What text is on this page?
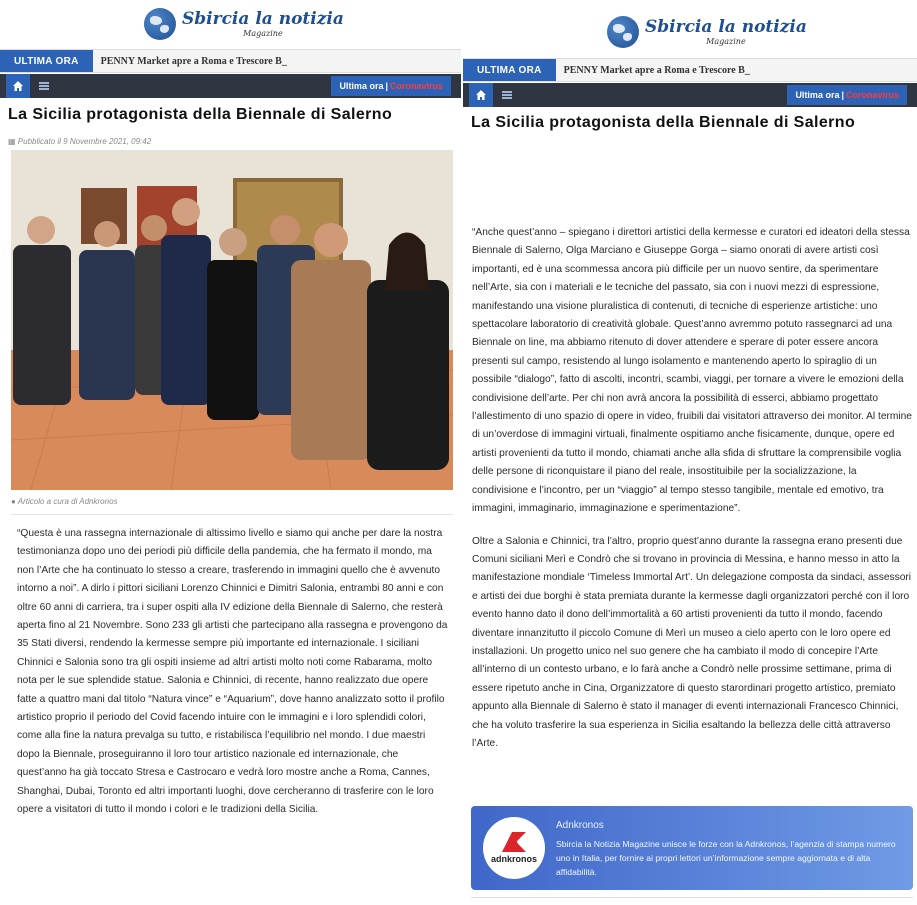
Sbircia la notizia
Magazine
ULTIMA ORA	PENNY Market apre a Roma e Trescore B_
Ultima ora | Coronavirus
La Sicilia protagonista della Biennale di Salerno
▦ Pubblicato il 9 Novembre 2021, 09:42
● Articolo a cura di Adnkronos

“Questa è una rassegna internazionale di altissimo livello e siamo qui anche per dare la nostra testimonianza dopo uno dei periodi più difficile della pandemia, che ha fermato il mondo, ma non l’Arte che ha continuato lo stesso a creare, trasferendo in immagini quello che è avvenuto intorno a noi”. A dirlo i pittori siciliani Lorenzo Chinnici e Dimitri Salonia, entrambi 80 anni e con oltre 60 anni di carriera, tra i super ospiti alla IV edizione della Biennale di Salerno, che resterà aperta fino al 21 Novembre. Sono 233 gli artisti che partecipano alla rassegna e provengono da 35 Stati diversi, rendendo la kermesse sempre più importante ed internazionale. I siciliani Chinnici e Salonia sono tra gli ospiti insieme ad altri artisti molto noti come Rabarama, molto nota per le sue splendide statue. Salonia e Chinnici, di recente, hanno realizzato due opere fatte a quattro mani dal titolo “Natura vince” e “Aquarium”, dove hanno analizzato sotto il profilo artistico proprio il periodo del Covid facendo intuire con le immagini e i loro splendidi colori, come alla fine la natura prevalga su tutto, e ristabilisca l’equilibrio nel mondo. I due maestri dopo la Biennale, proseguiranno il loro tour artistico nazionale ed internazionale, che quest’anno ha già toccato Stresa e Castrocaro e vedrà loro mostre anche a Roma, Cannes, Shanghai, Dubai, Toronto ed altri importanti luoghi, dove cercheranno di trasferire con le loro opere a visitatori di tutto il mondo i colori e le tradizioni della Sicilia.

Sbircia la notizia
Magazine
ULTIMA ORA	PENNY Market apre a Roma e Trescore B_
Ultima ora | Coronavirus
La Sicilia protagonista della Biennale di Salerno

“Anche quest’anno – spiegano i direttori artistici della kermesse e curatori ed ideatori della stessa Biennale di Salerno, Olga Marciano e Giuseppe Gorga – siamo onorati di avere artisti così importanti, ed è una scommessa ancora più difficile per un nuovo sentire, da sperimentare nell’Arte, sia con i materiali e le tecniche del passato, sia con i nuovi mezzi di espressione, manifestando una visione pluralistica di contenuti, di tecniche di esperienze artistiche: uno spettacolare laboratorio di creatività globale. Quest’anno avremmo potuto rassegnarci ad una Biennale on line, ma abbiamo ritenuto di dover attendere e sperare di poter essere ancora presenti sul campo, resistendo al lungo isolamento e mantenendo aperto lo spiraglio di un possibile “dialogo”, fatto di ascolti, incontri, scambi, viaggi, per tornare a vivere le emozioni della condivisione dell’arte. Per chi non avrà ancora la possibilità di esserci, abbiamo progettato l’allestimento di uno spazio di opere in video, fruibili dai visitatori attraverso dei monitor. Al termine di un’overdose di immagini virtuali, finalmente ospitiamo anche fisicamente, dunque, opere ed artisti provenienti da tutto il mondo, chiamati anche alla sfida di sfruttare la comprensibile voglia delle persone di riconquistare il piano del reale, insostituibile per la socializzazione, la condivisione e l’incontro, per un “viaggio” al tempo stesso tangibile, mentale ed emotivo, tra immagini, immaginario, immaginazione e sperimentazione”.

Oltre a Salonia e Chinnici, tra l’altro, proprio quest’anno durante la rassegna erano presenti due Comuni siciliani Merì e Condrò che si trovano in provincia di Messina, e hanno messo in atto la manifestazione mondiale ‘Timeless Immortal Art’. Un delegazione composta da sindaci, assessori e artisti dei due borghi è stata premiata durante la kermesse dagli organizzatori perché con il loro evento hanno dato il dono dell’immortalità a 60 artisti provenienti da tutto il mondo, facendo diventare innanzitutto il piccolo Comune di Merì un museo a cielo aperto con le loro opere ed installazioni. Un progetto unico nel suo genere che ha cambiato il modo di concepire l’Arte all’interno di un contesto urbano, e lo farà anche a Condrò nelle prossime settimane, prima di essere ripetuto anche in Cina, Organizzatore di questo starordinari progetto artistico, premiato appunto alla Biennale di Salerno è stato il manager di eventi internazionali Francesco Chinnici, che ha voluto trasferire la sua esperienza in Sicilia esaltando la bellezza delle città attraverso l’Arte.

adnkronos
Adnkronos
Sbircia la Notizia Magazine unisce le forze con la Adnkronos, l’agenzia di stampa numero uno in Italia, per fornire ai propri lettori un’informazione sempre aggiornata e di alta affidabilità.
